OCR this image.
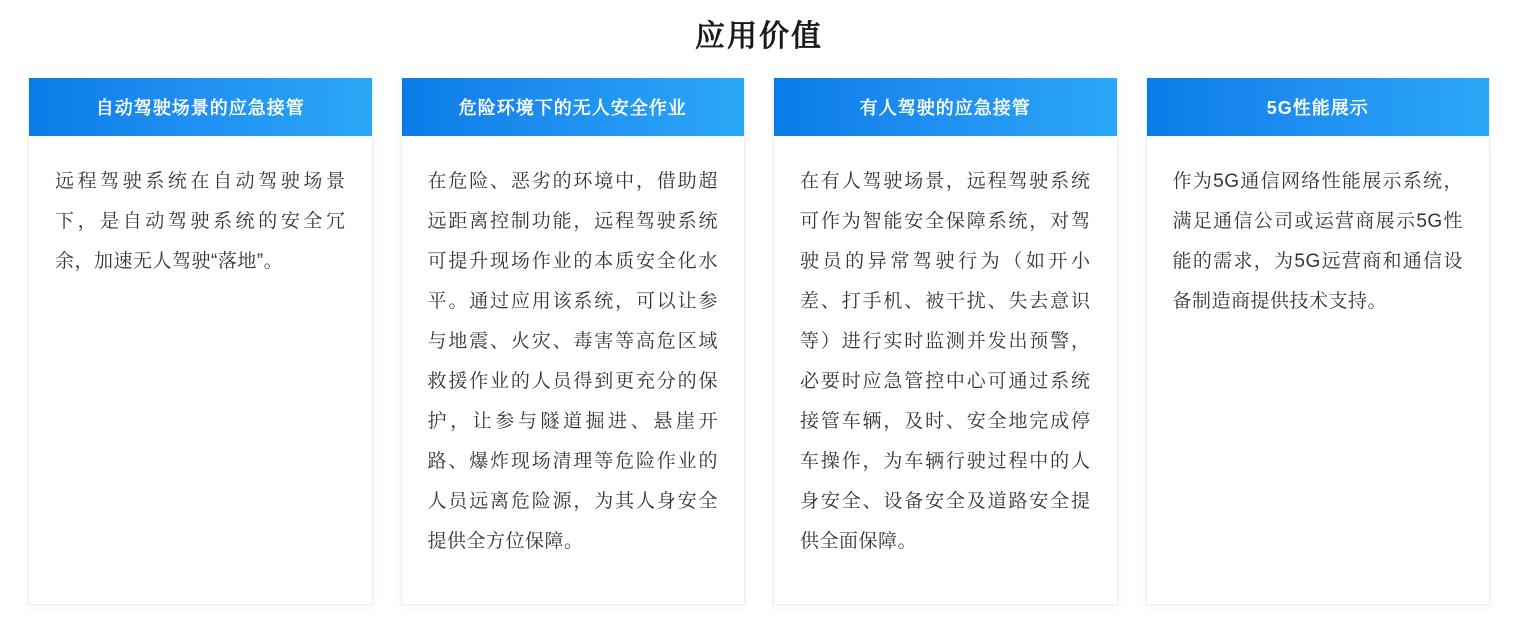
应用价值
自动驾驶场景的应急接管
远程驾驶系统在自动驾驶场景下，是自动驾驶系统的安全冗余，加速无人驾驶“落地”。
危险环境下的无人安全作业
在危险、恶劣的环境中，借助超远距离控制功能，远程驾驶系统可提升现场作业的本质安全化水平。通过应用该系统，可以让参与地震、火灾、毒害等高危区域救援作业的人员得到更充分的保护，让参与隧道掘进、悬崖开路、爆炸现场清理等危险作业的人员远离危险源，为其人身安全提供全方位保障。
有人驾驶的应急接管
在有人驾驶场景，远程驾驶系统可作为智能安全保障系统，对驾驶员的异常驾驶行为（如开小差、打手机、被干扰、失去意识等）进行实时监测并发出预警，必要时应急管控中心可通过系统接管车辆，及时、安全地完成停车操作，为车辆行驶过程中的人身安全、设备安全及道路安全提供全面保障。
5G性能展示
作为5G通信网络性能展示系统，满足通信公司或运营商展示5G性能的需求，为5G远营商和通信设备制造商提供技术支持。
